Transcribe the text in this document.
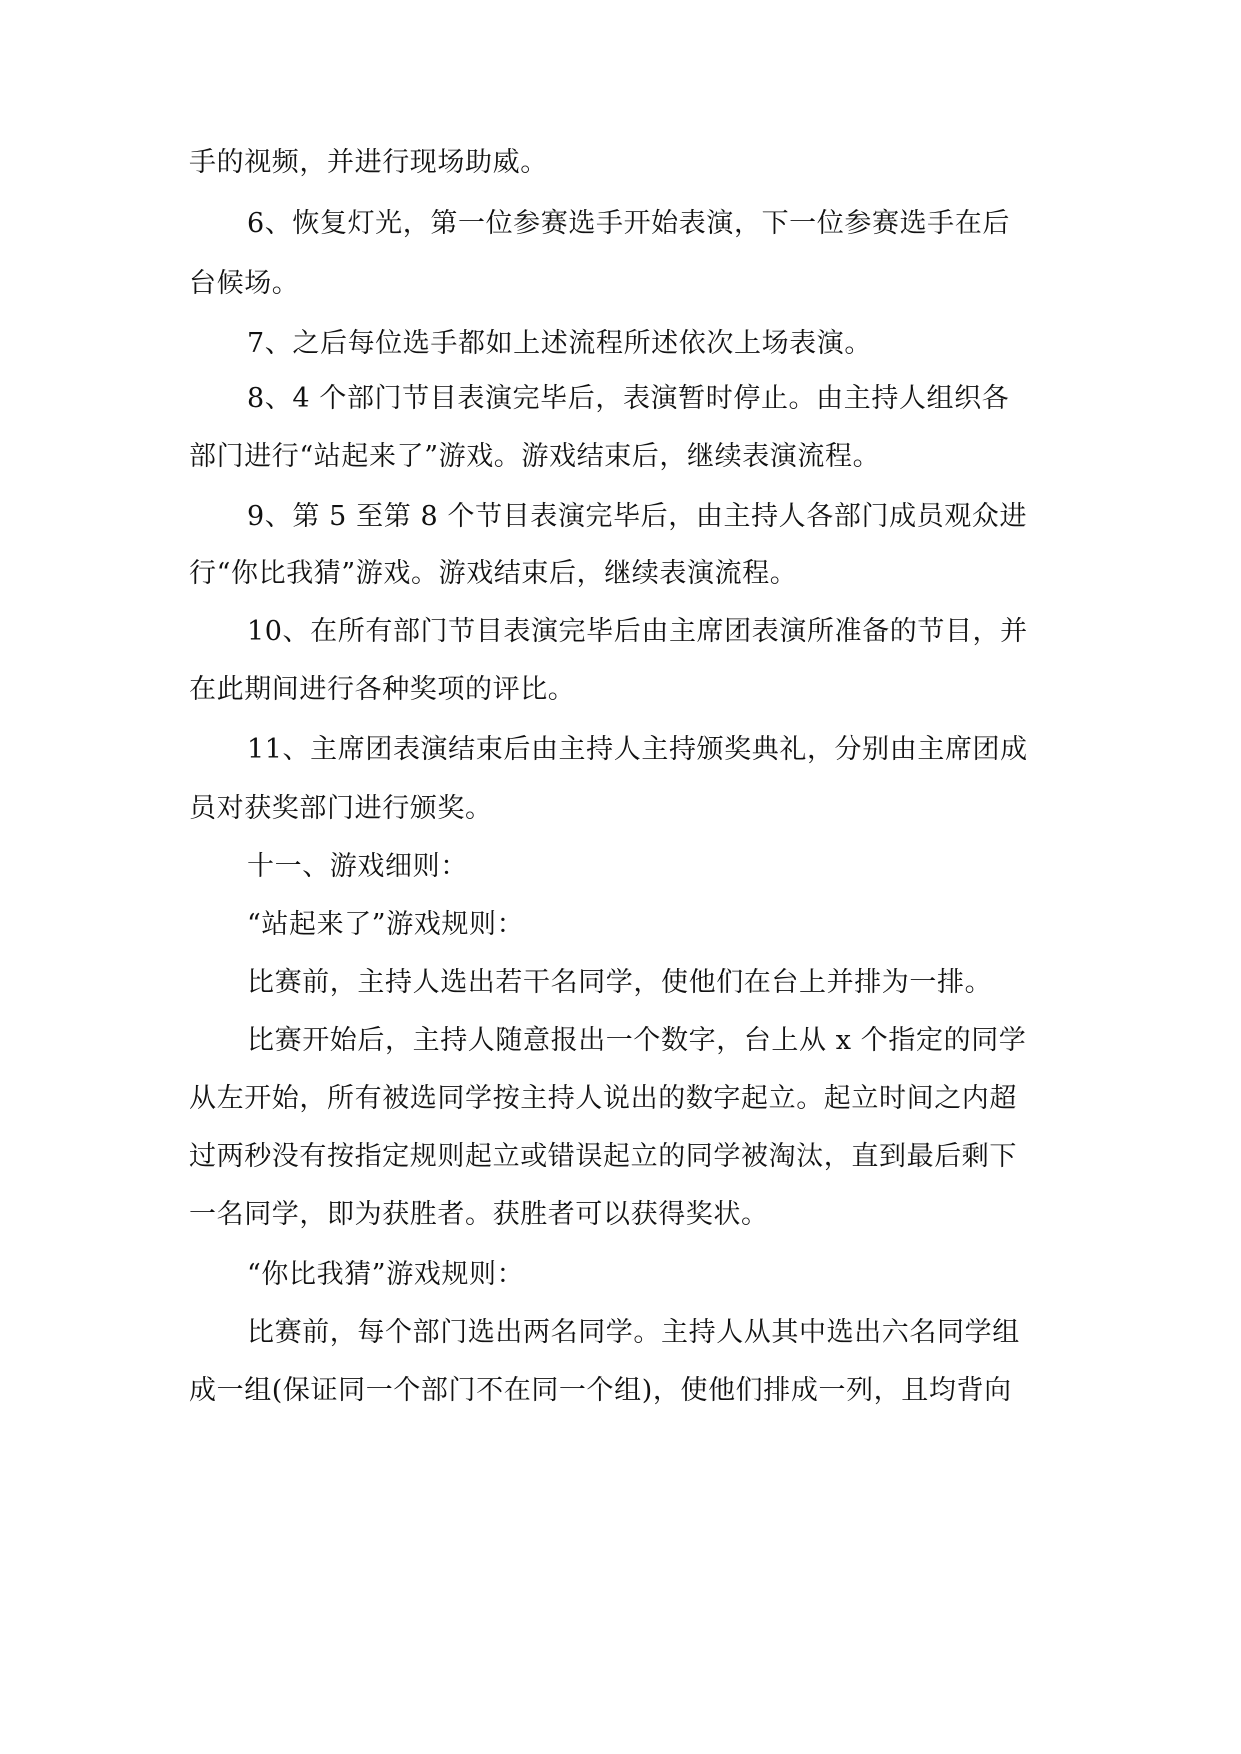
手的视频，并进行现场助威。
6、恢复灯光，第一位参赛选手开始表演，下一位参赛选手在后
台候场。
7、之后每位选手都如上述流程所述依次上场表演。
8、4 个部门节目表演完毕后，表演暂时停止。由主持人组织各
部门进行“站起来了”游戏。游戏结束后，继续表演流程。
9、第 5 至第 8 个节目表演完毕后，由主持人各部门成员观众进
行“你比我猜”游戏。游戏结束后，继续表演流程。
10、在所有部门节目表演完毕后由主席团表演所准备的节目，并
在此期间进行各种奖项的评比。
11、主席团表演结束后由主持人主持颁奖典礼，分别由主席团成
员对获奖部门进行颁奖。
十一、游戏细则：
“站起来了”游戏规则：
比赛前，主持人选出若干名同学，使他们在台上并排为一排。
比赛开始后，主持人随意报出一个数字，台上从 x 个指定的同学
从左开始，所有被选同学按主持人说出的数字起立。起立时间之内超
过两秒没有按指定规则起立或错误起立的同学被淘汰，直到最后剩下
一名同学，即为获胜者。获胜者可以获得奖状。
“你比我猜”游戏规则：
比赛前，每个部门选出两名同学。主持人从其中选出六名同学组
成一组(保证同一个部门不在同一个组)，使他们排成一列，且均背向
